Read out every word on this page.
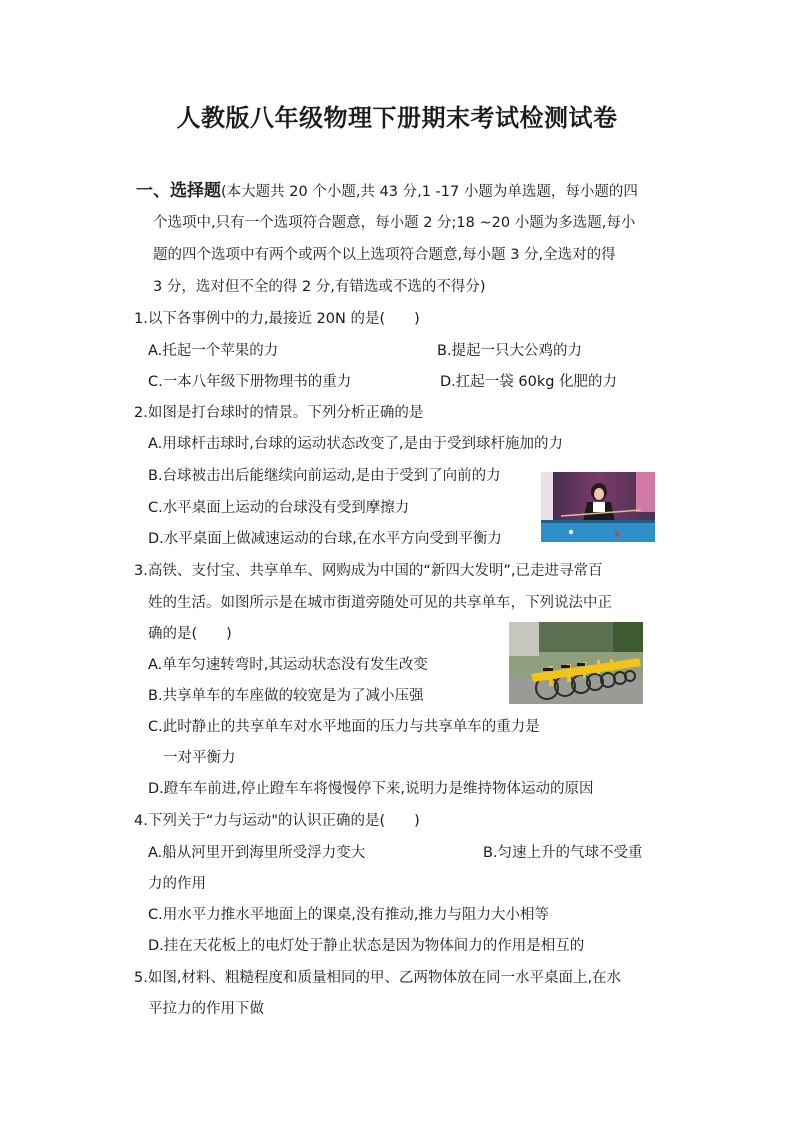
人教版八年级物理下册期末考试检测试卷
一、选择题(本大题共 20 个小题,共 43 分,1 -17 小题为单选题，每小题的四
个选项中,只有一个选项符合题意，每小题 2 分;18 ~20 小题为多选题,每小
题的四个选项中有两个或两个以上选项符合题意,每小题 3 分,全选对的得
3 分，选对但不全的得 2 分,有错选或不选的不得分)
1.以下各事例中的力,最接近 20N 的是(　　)
A.托起一个苹果的力	B.提起一只大公鸡的力
C.一本八年级下册物理书的重力	D.扛起一袋 60kg 化肥的力
2.如图是打台球时的情景。下列分析正确的是
A.用球杆击球时,台球的运动状态改变了,是由于受到球杆施加的力
B.台球被击出后能继续向前运动,是由于受到了向前的力
C.水平桌面上运动的台球没有受到摩擦力
D.水平桌面上做减速运动的台球,在水平方向受到平衡力
3.高铁、支付宝、共享单车、网购成为中国的“新四大发明”,已走进寻常百
姓的生活。如图所示是在城市街道旁随处可见的共享单车，下列说法中正
确的是(　　)
A.单车匀速转弯时,其运动状态没有发生改变
B.共享单车的车座做的较宽是为了减小压强
C.此时静止的共享单车对水平地面的压力与共享单车的重力是
一对平衡力
D.蹬车车前进,停止蹬车车将慢慢停下来,说明力是维持物体运动的原因
4.下列关于“力与运动"的认识正确的是(　　)
A.船从河里开到海里所受浮力变大	B.匀速上升的气球不受重
力的作用
C.用水平力推水平地面上的课桌,没有推动,推力与阻力大小相等
D.挂在天花板上的电灯处于静止状态是因为物体间力的作用是相互的
5.如图,材料、粗糙程度和质量相同的甲、乙两物体放在同一水平桌面上,在水
平拉力的作用下做
